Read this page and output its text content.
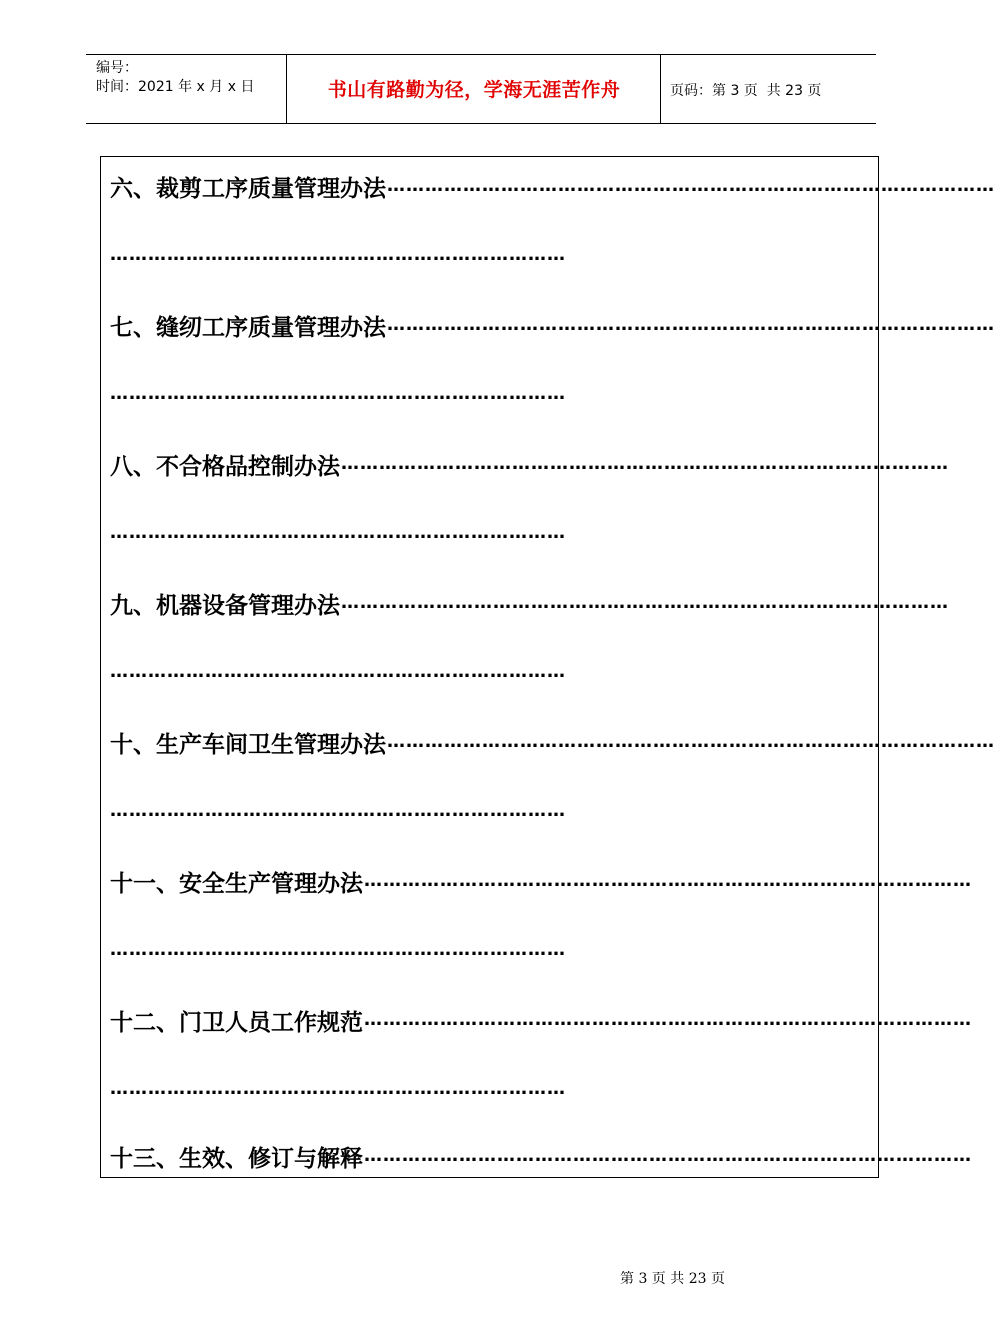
编号：
时间：2021 年 x 月 x 日	书山有路勤为径，学海无涯苦作舟	页码：第 3 页  共 23 页
六、裁剪工序质量管理办法 ……………………………………………………………………………………
………………………………………………………………
七、缝纫工序质量管理办法 ……………………………………………………………………………………
………………………………………………………………
八、不合格品控制办法 ……………………………………………………………………………………
………………………………………………………………
九、机器设备管理办法 ……………………………………………………………………………………
………………………………………………………………
十、生产车间卫生管理办法 ……………………………………………………………………………………
………………………………………………………………
十一、安全生产管理办法 ……………………………………………………………………………………
………………………………………………………………
十二、门卫人员工作规范 ……………………………………………………………………………………
………………………………………………………………
十三、生效、修订与解释 ……………………………………………………………………………………
第 3 页 共 23 页
